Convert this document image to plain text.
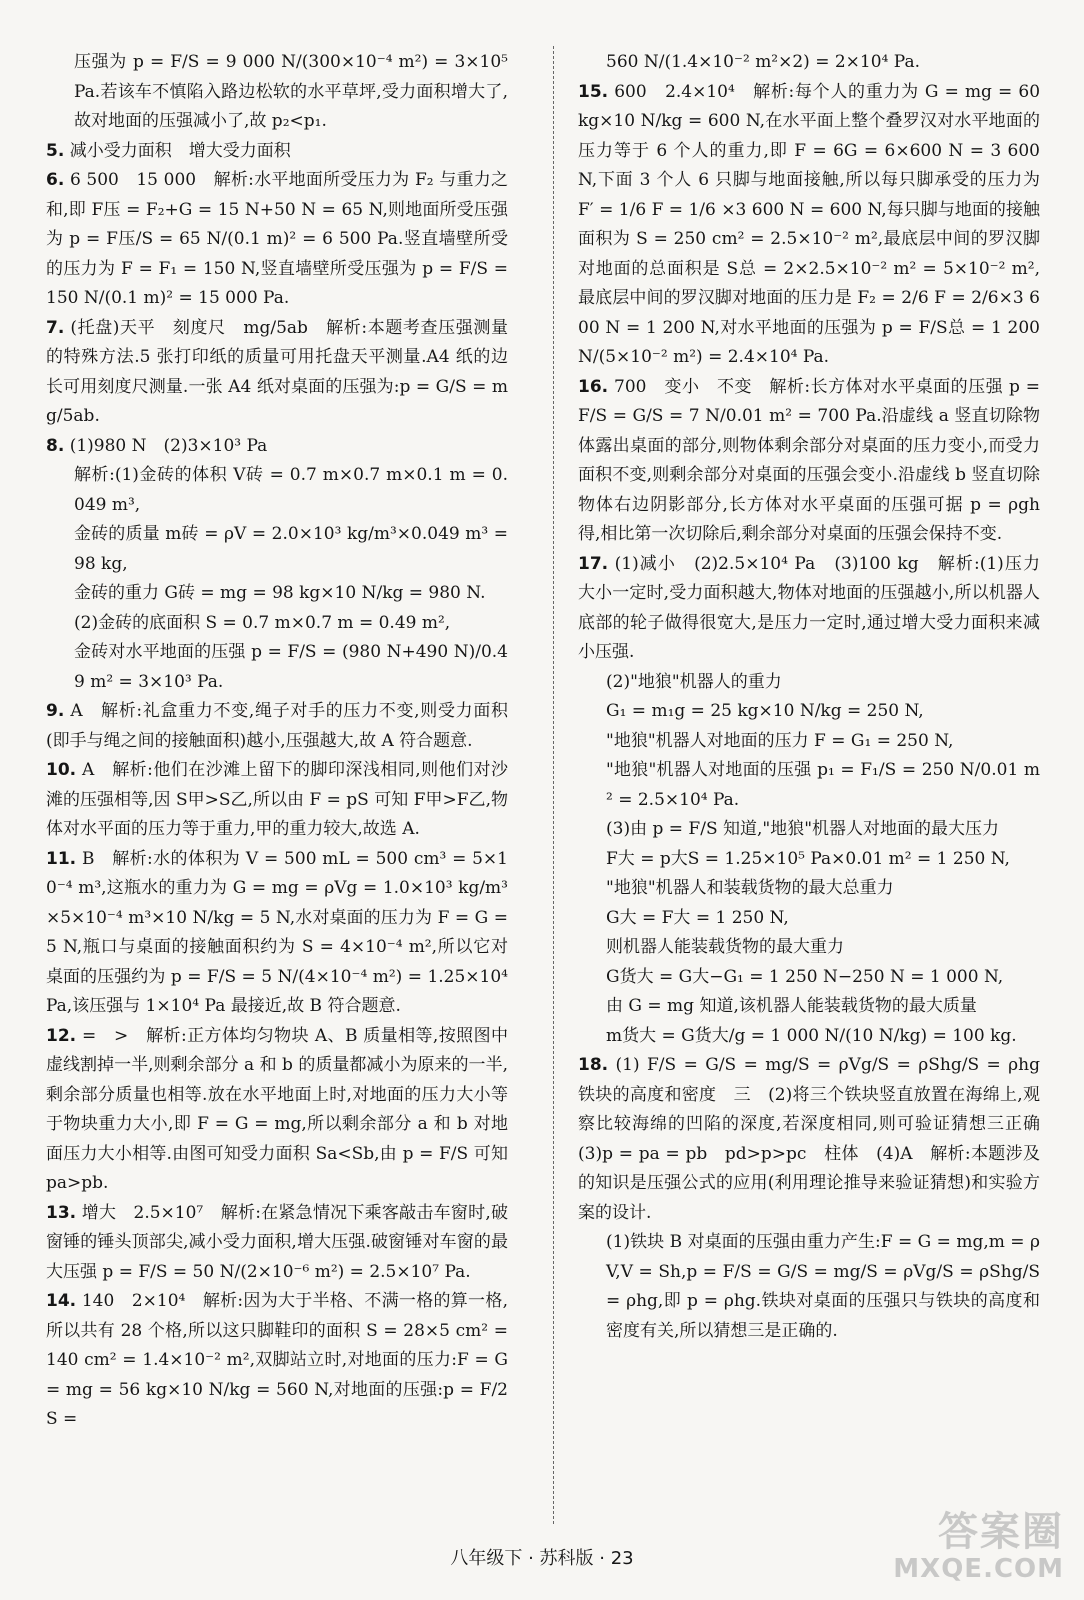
压强为 p = F/S = 9 000 N/(300×10⁻⁴ m²) = 3×10⁵ Pa.若该车不慎陷入路边松软的水平草坪,受力面积增大了,故对地面的压强减小了,故 p₂<p₁.

5. 减小受力面积　增大受力面积

6. 6 500　15 000　解析:水平地面所受压力为 F₂ 与重力之和,即 F压 = F₂+G = 15 N+50 N = 65 N,则地面所受压强为 p = F压/S = 65 N/(0.1 m)² = 6 500 Pa.竖直墙壁所受的压力为 F = F₁ = 150 N,竖直墙壁所受压强为 p = F/S = 150 N/(0.1 m)² = 15 000 Pa.

7. (托盘)天平　刻度尺　mg/5ab　解析:本题考查压强测量的特殊方法.5 张打印纸的质量可用托盘天平测量.A4 纸的边长可用刻度尺测量.一张 A4 纸对桌面的压强为:p = G/S = mg/5ab.

8. (1)980 N　(2)3×10³ Pa

解析:(1)金砖的体积 V砖 = 0.7 m×0.7 m×0.1 m = 0.049 m³,

金砖的质量 m砖 = ρV = 2.0×10³ kg/m³×0.049 m³ = 98 kg,

金砖的重力 G砖 = mg = 98 kg×10 N/kg = 980 N.

(2)金砖的底面积 S = 0.7 m×0.7 m = 0.49 m²,

金砖对水平地面的压强 p = F/S = (980 N+490 N)/0.49 m² = 3×10³ Pa.

9. A　解析:礼盒重力不变,绳子对手的压力不变,则受力面积(即手与绳之间的接触面积)越小,压强越大,故 A 符合题意.

10. A　解析:他们在沙滩上留下的脚印深浅相同,则他们对沙滩的压强相等,因 S甲>S乙,所以由 F = pS 可知 F甲>F乙,物体对水平面的压力等于重力,甲的重力较大,故选 A.

11. B　解析:水的体积为 V = 500 mL = 500 cm³ = 5×10⁻⁴ m³,这瓶水的重力为 G = mg = ρVg = 1.0×10³ kg/m³×5×10⁻⁴ m³×10 N/kg = 5 N,水对桌面的压力为 F = G = 5 N,瓶口与桌面的接触面积约为 S = 4×10⁻⁴ m²,所以它对桌面的压强约为 p = F/S = 5 N/(4×10⁻⁴ m²) = 1.25×10⁴ Pa,该压强与 1×10⁴ Pa 最接近,故 B 符合题意.

12. =　>　解析:正方体均匀物块 A、B 质量相等,按照图中虚线割掉一半,则剩余部分 a 和 b 的质量都减小为原来的一半,剩余部分质量也相等.放在水平地面上时,对地面的压力大小等于物块重力大小,即 F = G = mg,所以剩余部分 a 和 b 对地面压力大小相等.由图可知受力面积 Sa<Sb,由 p = F/S 可知 pa>pb.

13. 增大　2.5×10⁷　解析:在紧急情况下乘客敲击车窗时,破窗锤的锤头顶部尖,减小受力面积,增大压强.破窗锤对车窗的最大压强 p = F/S = 50 N/(2×10⁻⁶ m²) = 2.5×10⁷ Pa.

14. 140　2×10⁴　解析:因为大于半格、不满一格的算一格,所以共有 28 个格,所以这只脚鞋印的面积 S = 28×5 cm² = 140 cm² = 1.4×10⁻² m²,双脚站立时,对地面的压力:F = G = mg = 56 kg×10 N/kg = 560 N,对地面的压强:p = F/2S =

560 N/(1.4×10⁻² m²×2) = 2×10⁴ Pa.

15. 600　2.4×10⁴　解析:每个人的重力为 G = mg = 60 kg×10 N/kg = 600 N,在水平面上整个叠罗汉对水平地面的压力等于 6 个人的重力,即 F = 6G = 6×600 N = 3 600 N,下面 3 个人 6 只脚与地面接触,所以每只脚承受的压力为 F′ = 1/6 F = 1/6 ×3 600 N = 600 N,每只脚与地面的接触面积为 S = 250 cm² = 2.5×10⁻² m²,最底层中间的罗汉脚对地面的总面积是 S总 = 2×2.5×10⁻² m² = 5×10⁻² m²,最底层中间的罗汉脚对地面的压力是 F₂ = 2/6 F = 2/6×3 600 N = 1 200 N,对水平地面的压强为 p = F/S总 = 1 200 N/(5×10⁻² m²) = 2.4×10⁴ Pa.

16. 700　变小　不变　解析:长方体对水平桌面的压强 p = F/S = G/S = 7 N/0.01 m² = 700 Pa.沿虚线 a 竖直切除物体露出桌面的部分,则物体剩余部分对桌面的压力变小,而受力面积不变,则剩余部分对桌面的压强会变小.沿虚线 b 竖直切除物体右边阴影部分,长方体对水平桌面的压强可据 p = ρgh 得,相比第一次切除后,剩余部分对桌面的压强会保持不变.

17. (1)减小　(2)2.5×10⁴ Pa　(3)100 kg　解析:(1)压力大小一定时,受力面积越大,物体对地面的压强越小,所以机器人底部的轮子做得很宽大,是压力一定时,通过增大受力面积来减小压强.

(2)"地狼"机器人的重力

G₁ = m₁g = 25 kg×10 N/kg = 250 N,

"地狼"机器人对地面的压力 F = G₁ = 250 N,

"地狼"机器人对地面的压强 p₁ = F₁/S = 250 N/0.01 m² = 2.5×10⁴ Pa.

(3)由 p = F/S 知道,"地狼"机器人对地面的最大压力

F大 = p大S = 1.25×10⁵ Pa×0.01 m² = 1 250 N,

"地狼"机器人和装载货物的最大总重力

G大 = F大 = 1 250 N,

则机器人能装载货物的最大重力

G货大 = G大−G₁ = 1 250 N−250 N = 1 000 N,

由 G = mg 知道,该机器人能装载货物的最大质量

m货大 = G货大/g = 1 000 N/(10 N/kg) = 100 kg.

18. (1) F/S = G/S = mg/S = ρVg/S = ρShg/S = ρhg　铁块的高度和密度　三　(2)将三个铁块竖直放置在海绵上,观察比较海绵的凹陷的深度,若深度相同,则可验证猜想三正确　(3)p = pa = pb　pd>p>pc　柱体　(4)A　解析:本题涉及的知识是压强公式的应用(利用理论推导来验证猜想)和实验方案的设计.

(1)铁块 B 对桌面的压强由重力产生:F = G = mg,m = ρV,V = Sh,p = F/S = G/S = mg/S = ρVg/S = ρShg/S = ρhg,即 p = ρhg.铁块对桌面的压强只与铁块的高度和密度有关,所以猜想三是正确的.

八年级下 · 苏科版 · 23
答案圈
MXQE.COM
